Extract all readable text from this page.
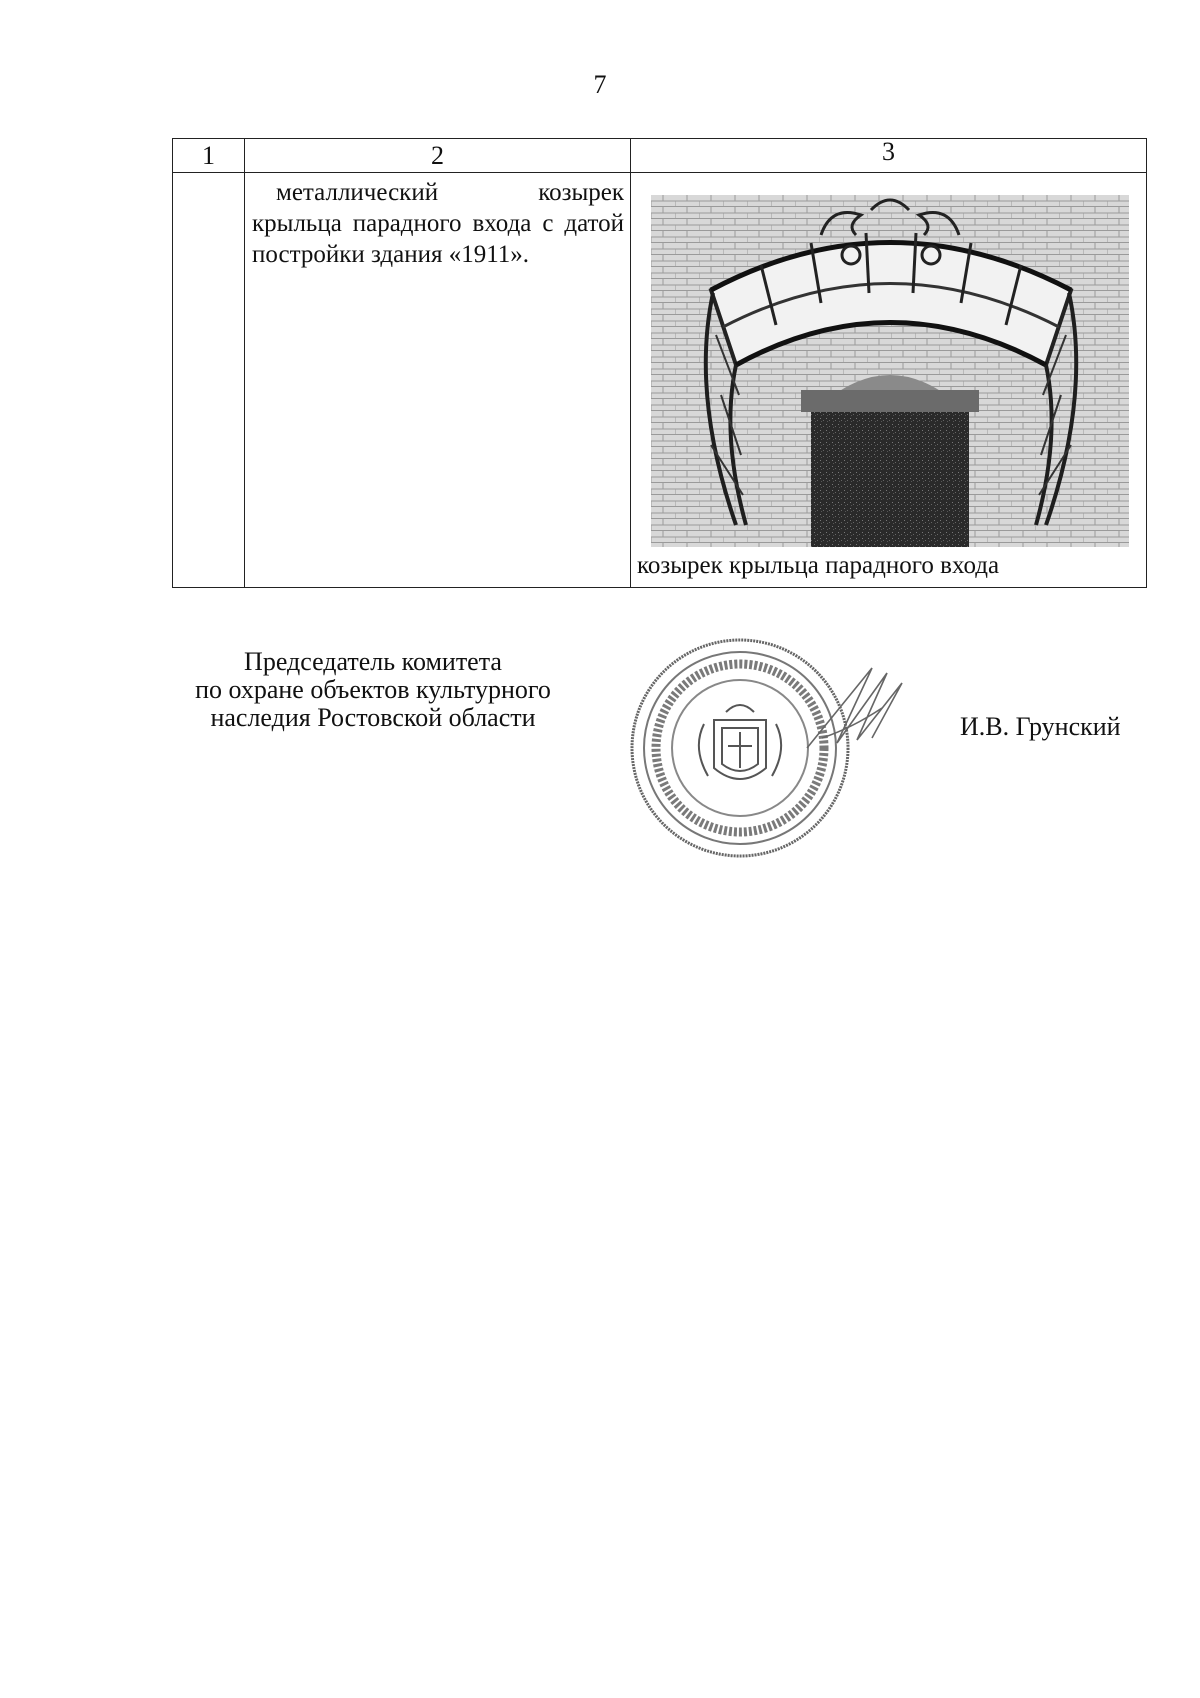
7
1	2	3

	металлический козырек крыльца парадного входа с датой постройки здания «1911».	козырек крыльца парадного входа
Председатель комитета
по охране объектов культурного
наследия Ростовской области	И.В. Грунский
